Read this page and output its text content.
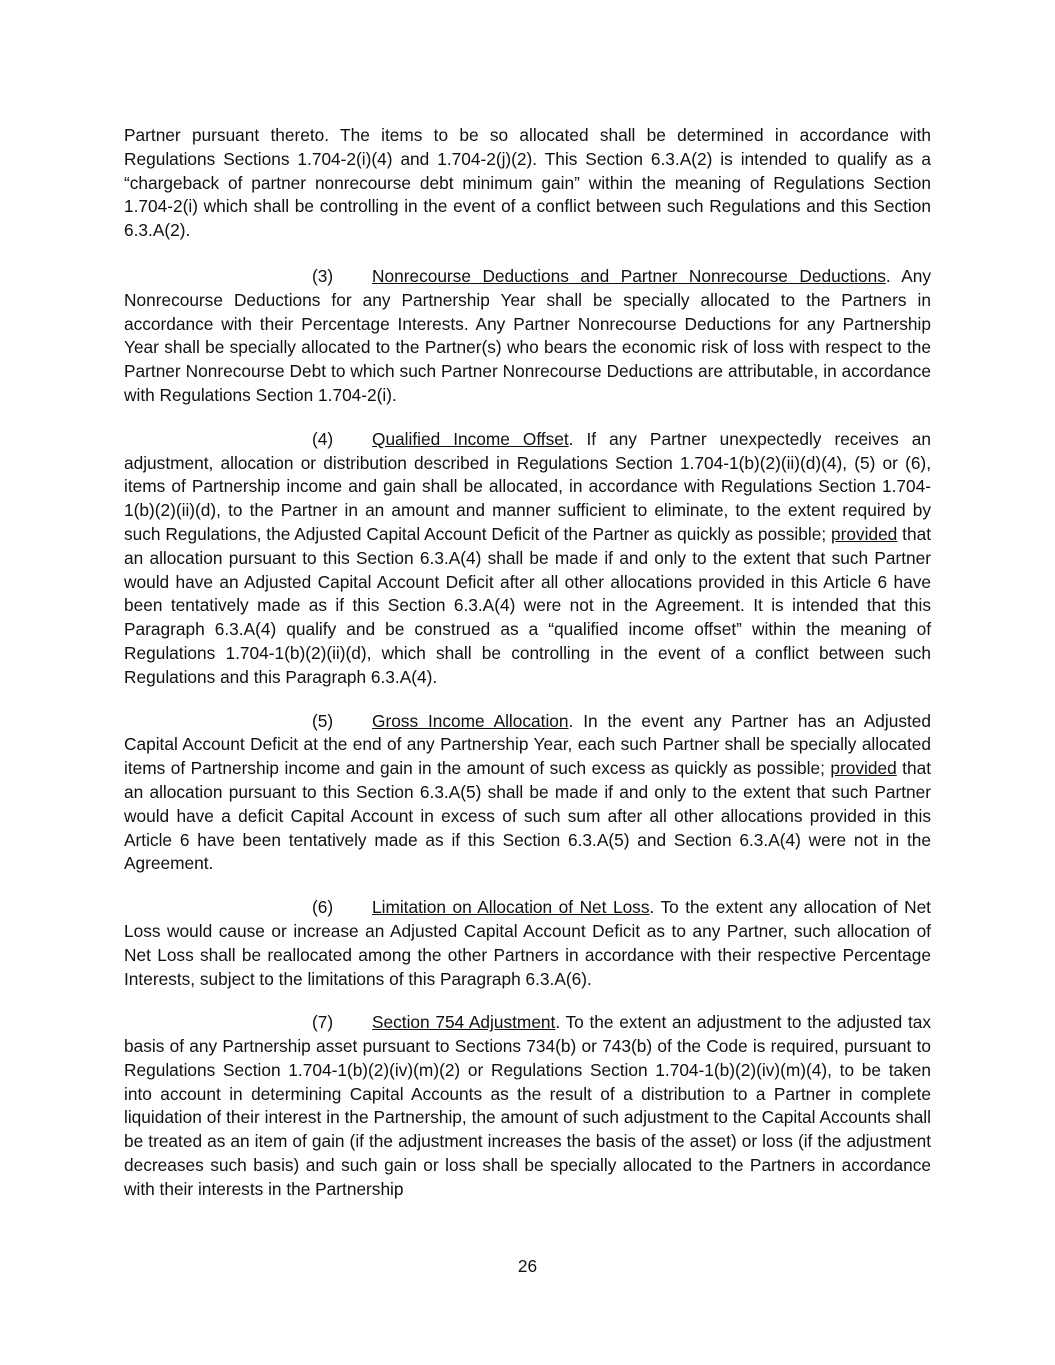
Partner pursuant thereto. The items to be so allocated shall be determined in accordance with Regulations Sections 1.704-2(i)(4) and 1.704-2(j)(2). This Section 6.3.A(2) is intended to qualify as a “chargeback of partner nonrecourse debt minimum gain” within the meaning of Regulations Section 1.704-2(i) which shall be controlling in the event of a conflict between such Regulations and this Section 6.3.A(2).

(3) Nonrecourse Deductions and Partner Nonrecourse Deductions. Any Nonrecourse Deductions for any Partnership Year shall be specially allocated to the Partners in accordance with their Percentage Interests. Any Partner Nonrecourse Deductions for any Partnership Year shall be specially allocated to the Partner(s) who bears the economic risk of loss with respect to the Partner Nonrecourse Debt to which such Partner Nonrecourse Deductions are attributable, in accordance with Regulations Section 1.704-2(i).

(4) Qualified Income Offset. If any Partner unexpectedly receives an adjustment, allocation or distribution described in Regulations Section 1.704-1(b)(2)(ii)(d)(4), (5) or (6), items of Partnership income and gain shall be allocated, in accordance with Regulations Section 1.704-1(b)(2)(ii)(d), to the Partner in an amount and manner sufficient to eliminate, to the extent required by such Regulations, the Adjusted Capital Account Deficit of the Partner as quickly as possible; provided that an allocation pursuant to this Section 6.3.A(4) shall be made if and only to the extent that such Partner would have an Adjusted Capital Account Deficit after all other allocations provided in this Article 6 have been tentatively made as if this Section 6.3.A(4) were not in the Agreement. It is intended that this Paragraph 6.3.A(4) qualify and be construed as a “qualified income offset” within the meaning of Regulations 1.704-1(b)(2)(ii)(d), which shall be controlling in the event of a conflict between such Regulations and this Paragraph 6.3.A(4).

(5) Gross Income Allocation. In the event any Partner has an Adjusted Capital Account Deficit at the end of any Partnership Year, each such Partner shall be specially allocated items of Partnership income and gain in the amount of such excess as quickly as possible; provided that an allocation pursuant to this Section 6.3.A(5) shall be made if and only to the extent that such Partner would have a deficit Capital Account in excess of such sum after all other allocations provided in this Article 6 have been tentatively made as if this Section 6.3.A(5) and Section 6.3.A(4) were not in the Agreement.

(6) Limitation on Allocation of Net Loss. To the extent any allocation of Net Loss would cause or increase an Adjusted Capital Account Deficit as to any Partner, such allocation of Net Loss shall be reallocated among the other Partners in accordance with their respective Percentage Interests, subject to the limitations of this Paragraph 6.3.A(6).

(7) Section 754 Adjustment. To the extent an adjustment to the adjusted tax basis of any Partnership asset pursuant to Sections 734(b) or 743(b) of the Code is required, pursuant to Regulations Section 1.704-1(b)(2)(iv)(m)(2) or Regulations Section 1.704-1(b)(2)(iv)(m)(4), to be taken into account in determining Capital Accounts as the result of a distribution to a Partner in complete liquidation of their interest in the Partnership, the amount of such adjustment to the Capital Accounts shall be treated as an item of gain (if the adjustment increases the basis of the asset) or loss (if the adjustment decreases such basis) and such gain or loss shall be specially allocated to the Partners in accordance with their interests in the Partnership

26
